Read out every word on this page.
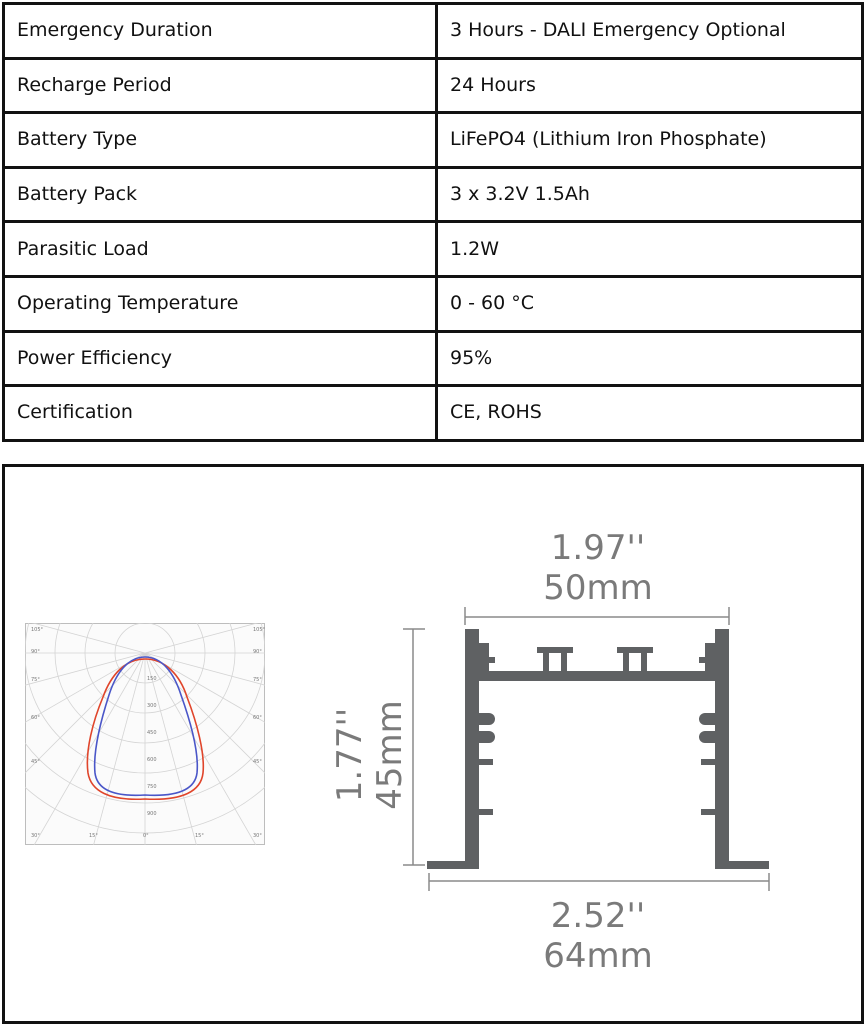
Emergency Duration	3 Hours - DALI Emergency Optional
Recharge Period	24 Hours
Battery Type	LiFePO4 (Lithium Iron Phosphate)
Battery Pack	3 x 3.2V 1.5Ah
Parasitic Load	1.2W
Operating Temperature	0 - 60 °C
Power Efficiency	95%
Certification	CE, ROHS
150
300
450
600
750
900
105°
90°
75°
60°
45°
30°	15°	0°	15°	30°
45°
60°
75°
90°
105°
1.97''
50mm
1.77'' 45mm
2.52''
64mm
